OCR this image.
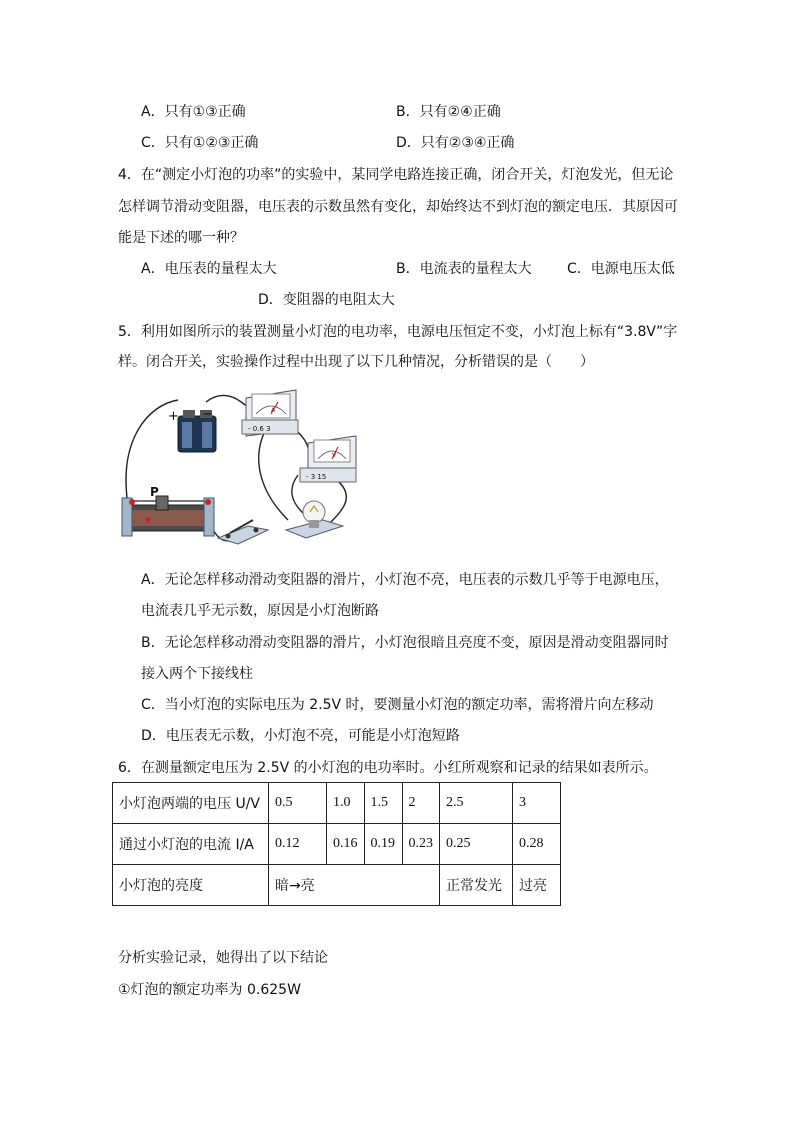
A．只有①③正确	B．只有②④正确
C．只有①②③正确	D．只有②③④正确
4．在“测定小灯泡的功率”的实验中，某同学电路连接正确，闭合开关，灯泡发光，但无论
怎样调节滑动变阻器，电压表的示数虽然有变化，却始终达不到灯泡的额定电压．其原因可
能是下述的哪一种？
A．电压表的量程太大	B．电流表的量程太大	C．电源电压太低
D．变阻器的电阻太大
5．利用如图所示的装置测量小灯泡的电功率，电源电压恒定不变，小灯泡上标有“3.8V”字
样。闭合开关，实验操作过程中出现了以下几种情况，分析错误的是（　　）
+ −	A
- 0.6 3
V
- 3 15
P
A．无论怎样移动滑动变阻器的滑片，小灯泡不亮，电压表的示数几乎等于电源电压，
电流表几乎无示数，原因是小灯泡断路
B．无论怎样移动滑动变阻器的滑片，小灯泡很暗且亮度不变，原因是滑动变阻器同时
接入两个下接线柱
C．当小灯泡的实际电压为 2.5V 时，要测量小灯泡的额定功率，需将滑片向左移动
D．电压表无示数，小灯泡不亮，可能是小灯泡短路
6．在测量额定电压为 2.5V 的小灯泡的电功率时。小红所观察和记录的结果如表所示。
小灯泡两端的电压 U/V	0.5	1.0	1.5	2	2.5	3
通过小灯泡的电流 I/A	0.12	0.16	0.19	0.23	0.25	0.28
小灯泡的亮度	暗→亮				正常发光	过亮
分析实验记录，她得出了以下结论
①灯泡的额定功率为 0.625W
